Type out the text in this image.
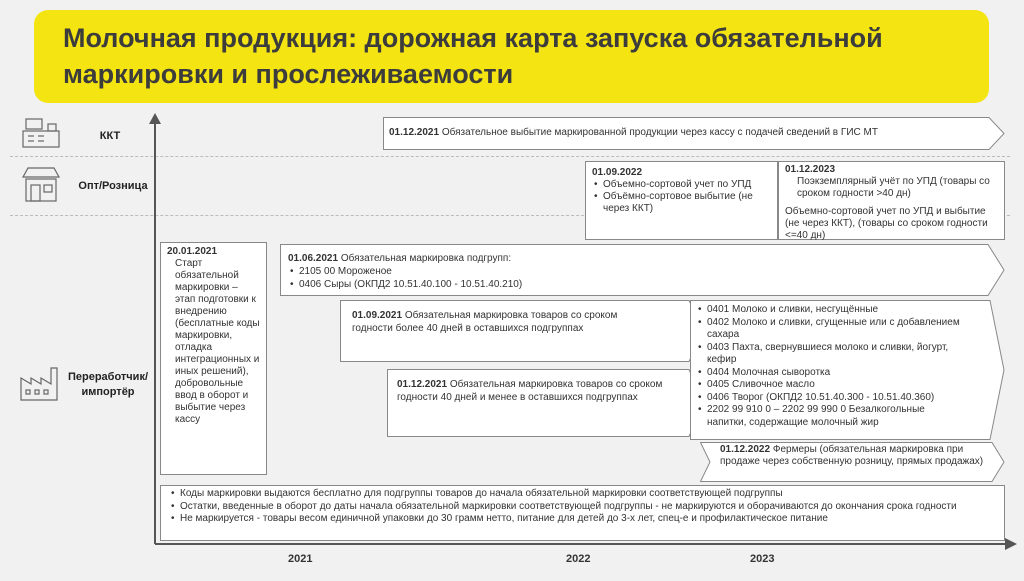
Молочная продукция: дорожная карта запуска обязательной маркировки и прослеживаемости
ККТ
Опт/Розница
Переработчик/ импортёр
01.12.2021 Обязательное выбытие маркированной продукции через кассу с подачей сведений в ГИС МТ
01.09.2022
• Объемно-сортовой учет по УПД
• Объёмно-сортовое выбытие (не через ККТ)
01.12.2023
Поэкземплярный учёт по УПД (товары со сроком годности >40 дн)
Объемно-сортовой учет по УПД и выбытие (не через ККТ), (товары со сроком годности <=40 дн)
20.01.2021
Старт обязательной маркировки – этап подготовки к внедрению (бесплатные коды маркировки, отладка интеграционных и иных решений), добровольные ввод в оборот и выбытие через кассу
01.06.2021 Обязательная маркировка подгрупп:
• 2105 00 Мороженое
• 0406 Сыры (ОКПД2 10.51.40.100 - 10.51.40.210)
01.09.2021 Обязательная маркировка товаров со сроком годности более 40 дней в оставшихся подгруппах
01.12.2021 Обязательная маркировка товаров со сроком годности 40 дней и менее в оставшихся подгруппах
• 0401 Молоко и сливки, несгущённые
• 0402 Молоко и сливки, сгущенные или с добавлением сахара
• 0403 Пахта, свернувшиеся молоко и сливки, йогурт, кефир
• 0404 Молочная сыворотка
• 0405 Сливочное масло
• 0406 Творог (ОКПД2 10.51.40.300 - 10.51.40.360)
• 2202 99 910 0 – 2202 99 990 0 Безалкогольные напитки, содержащие молочный жир
01.12.2022 Фермеры (обязательная маркировка при продаже через собственную розницу, прямых продажах)
• Коды маркировки выдаются бесплатно для подгруппы товаров до начала обязательной маркировки соответствующей подгруппы
• Остатки, введенные в оборот до даты начала обязательной маркировки соответствующей подгруппы - не маркируются и оборачиваются до окончания срока годности
• Не маркируется - товары весом единичной упаковки до 30 грамм нетто, питание для детей до 3-х лет, спец-е и профилактическое питание
2021	2022	2023
